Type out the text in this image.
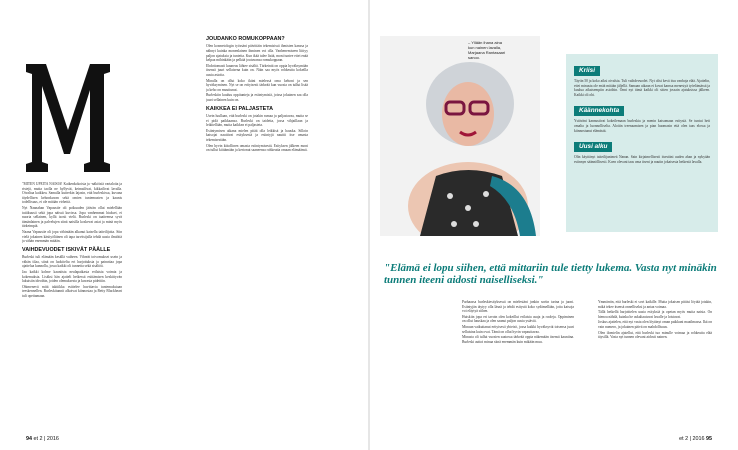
"MITEN UPEITA NAISIA! Kaikenkokoisia ja -näköisiä vartaloita ja ristejä, mutta taolla ne hyllyvät, keimailivat, kikkailivat lavalla. Oivaltaa kaikkea. Samalla kutterkin lajasin, että burleskissa, kuvana täydellisen kehonkuvan sekä omien tuntemusten ja kaunis todellisuus, ei ole mitään virhettä.

Nyt Naanahan Vapaustie oli poikuuden jäävän ollut mielellään tutiikuusti sekä jopa näissä kuvissa. Jopa vanhemmat hiukset, ei nuoria sellainen, kyllä isosti vielä. Burleski on taaiteensa syvä tämänlainen ja palvelujen siinä naisilla koskevat asiat ja minä myös tärkeimpiä.

Naana Vapaustie oli jopa vähintään alkanut katsella taiteilijoita. Siin vielä jokainen käsityöläinen oli tapa tarvitsijalla tehdä uusia ilmiöitä ja vähän enemmän mitään.

VAIHDEVUODET ISKIVÄT PÄÄLLE

Burleski tuli elämään kesällä vaiheen. Vihreät toivomukset usein ja vähän tilaa, siinä on luokiteltu eri harjoituksia ja painottaa jopa ajattelua kunnolla, jossa kaikki oli tunnetta sekä sisältöä.

Jaa kaikki kolme kauniista neulapaikasta erilaisia voimia ja kokemuksia. Lisäksi hän ajatteli hetkessä esittämisen keskittyvän lukuisiin ideoihin, joiden olemuksesta ja kuvasta pidettiin.

Ohimenevä mitä taktiikka esittelee huvittavia tuntemuksiaan teeskennellen. Burleskitunnit alkoivat kiinnostaa ja Betty Blackheart tuli opettamaan.

JOUDANKO ROMUKOPPAAN?

Olen kosmetologin työssäni päivittäin tekemisissä ihmisten kanssa ja nähnyt kuinka monenlainen ihminen voi olla. Vanhenemiseen liittyy paljon ajatuksia ja tunteita. Kun ikää tulee lisää, moni tuntee ettei enää kelpaa mihinkään ja pelkää joutuvansa romukoppaan.

Ehdottomasti kauneus lähtee sisältä. Tärkeintä on oppia hyväksymään itsensä juuri sellaisena kuin on. Näin saa myös rohkeutta kokeilla uusia asioita.

Minulla on ollut koko ikäni mielessä oma kehoni ja sen hyväksyminen. Nyt se on erityisesti tärkeää kun vuosia on tullut lisää ja keho on muuttunut.

Burleskiin kuuluu oppitunteja ja esiintymisiä, joissa jokainen saa olla juuri sellainen kuin on.

KAIKKEA EI PALJASTETA

Usein luullaan, että burleski on jotakin rumaa ja paljastavaa, mutta se ei pidä paikkaansa. Burleski on taidetta, jossa vihjaillaan ja leikitellään, mutta kaikkea ei paljasteta.

Esiintymisen aikana mielen pitää olla leikkisä ja hauska. Silloin katsojat nauttivat esityksestä ja esiintyjä nauttii itse omasta tekemisestään.

Olen hyvin kiitollinen omasta esiintymisestä. Esityksen jälkeen moni on tullut kiittämään ja kertonut saaneensa rohkeutta omaan elämäänsä.

94 et 2 | 2016
– Yllään ihana aina kun nainen lavalla, Marjaana Rantasaari sanoo.
Kriisi
Täytin 50 ja koko aiksi oivalsia. Tuli vaihdevuodet. Nyt olisi kevä itsu vanhoja elää. Ajattelin, ettei minusta ole enää mitään jäljellä. Samaan aikaan ei kovat kanssa menestyä työelämässä ja kuulua aikaisempiin asioihin. Onni nyt tämä kaikki oli sitten jossain ajatuksissa jälkeen. Kaikki oli ohi.
Käännekohta
Ystäväni kannustivat kokeilemaan burleskia ja menin katsomaan esitystä. Se tuntui heti omalta ja luonnolliselta. Aloitin treenaamisen ja pian huomasin että olen taas elossa ja kiinnostunut elämästä.
Uusi alku
Olin käyttänyt taiteilijanimeä Nanan. Sain kirjaimellisesti itsestäni uuden ahan ja nykyään esiinnyn säännöllisesti. Koen olevani taas oma itseni ja nautin jokaisesta hetkestä lavalla.
"Elämä ei lopu siihen, että mittariin tule tietty lukema. Vasta nyt minäkin tunnen iteeni aidosti naiselliseksi."

Parhaassa burleskiesityksessä on mielestäni jonkin sortin tarina ja juoni. Esiintyjän täytyy olla läsnä ja tehdä esitystä koko sydämellään, jotta katsoja voi eläytyä siihen.

Huiskiin jopa eri tavoin olen kokeillut erilaisia asuja ja rooleja. Oppiminen on ollut hauskaa ja olen saanut paljon uusia ystäviä.

Minuun vaikuttanut erityisesti yhteisö, jossa kaikki hyväksyvät toisensa juuri sellaisina kuin ovat. Tämä on ollut hyvin vapauttavaa.

Minusta oli tullut vuosien saatossa tärkeää oppia näkemään itsensä kauniina. Burleski auttoi minua siinä enemmän kuin mikään muu.

Ymmärrän, että burleski ei sovi kaikille. Mutta jokaisen pitäisi löytää jotakin, mikä tekee itsensä onnelliseksi ja antaa voimaa.

Tällä hetkellä harjoittelen uusia esityksiä ja opetan myös muita naisia. On hienoa nähdä, kuinka he uskaltautuvat lavalle ja loistavat.

Joskus ajattelen, että nyt vasta olen löytänyt oman paikkani maailmassa. Ikä on vain numero, ja jokainen päivä on mahdollisuus.

Olen ilomielin ajatellut, että burleski tuo minulle voimaa ja rohkeutta elää täysillä. Vasta nyt tunnen olevani aidosti nainen.

et 2 | 2016 95
